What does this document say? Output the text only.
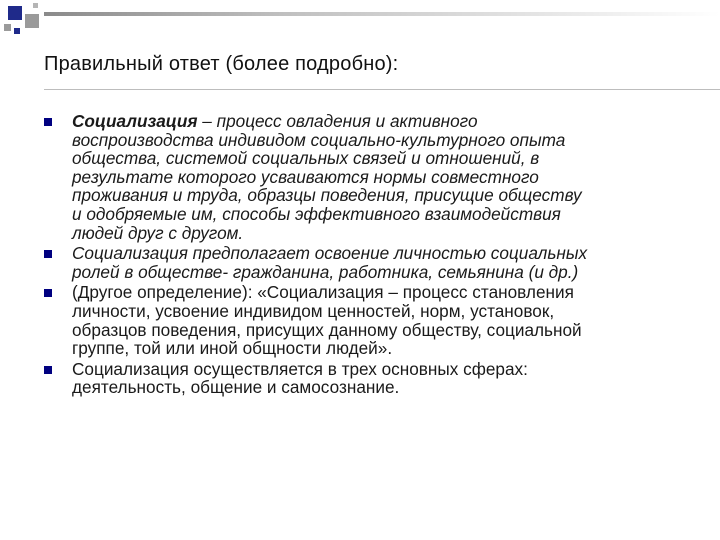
Правильный ответ (более подробно):
Социализация – процесс овладения и активного
воспроизводства индивидом социально-культурного опыта
общества, системой социальных связей и отношений, в
результате которого усваиваются нормы совместного
проживания и труда, образцы поведения, присущие обществу
и одобряемые им, способы эффективного взаимодействия
людей друг с другом.
Социализация предполагает освоение личностью социальных
ролей в обществе- гражданина, работника, семьянина (и др.)
(Другое определение): «Социализация – процесс становления
личности, усвоение индивидом ценностей, норм, установок,
образцов поведения, присущих данному обществу, социальной
группе, той или иной общности людей».
Социализация осуществляется в трех основных сферах:
деятельность, общение и самосознание.
